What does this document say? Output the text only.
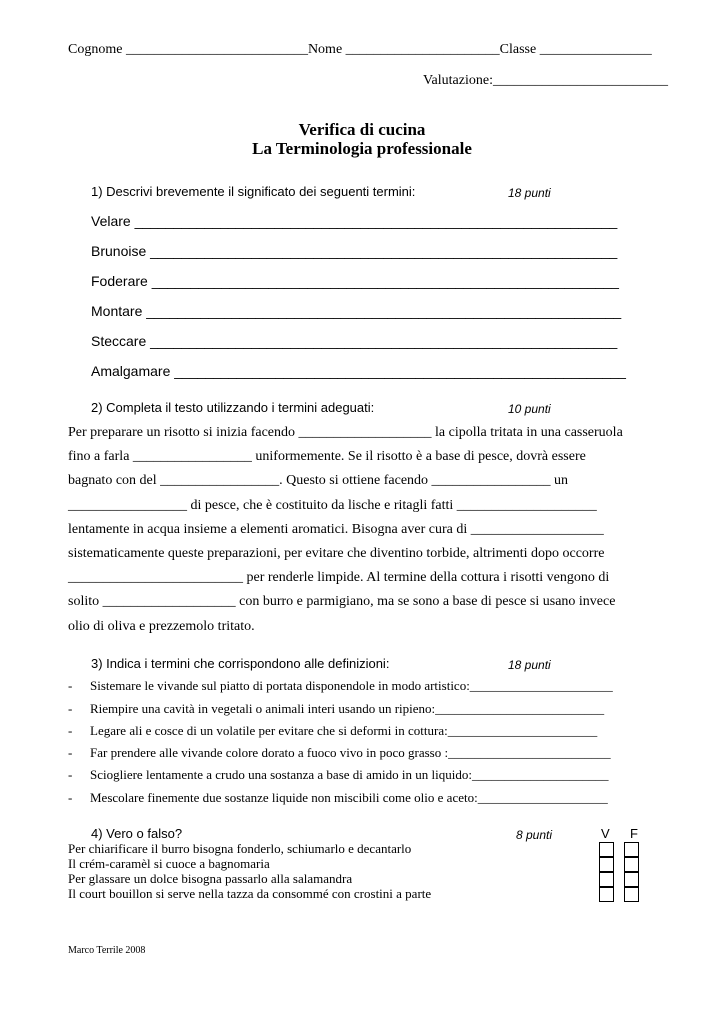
Cognome __________________________Nome ______________________Classe ________________
Valutazione:_________________________
Verifica di cucina
La Terminologia professionale
1) Descrivi brevemente il significato dei seguenti termini:	18 punti
Velare ______________________________________________________________
Brunoise ____________________________________________________________
Foderare ____________________________________________________________
Montare _____________________________________________________________
Steccare ____________________________________________________________
Amalgamare __________________________________________________________
2) Completa il testo utilizzando i termini adeguati:	10 punti
Per preparare un risotto si inizia facendo ___________________ la cipolla tritata in una casseruola
fino a farla _________________ uniformemente. Se il risotto è a base di pesce, dovrà essere
bagnato con del _________________. Questo si ottiene facendo _________________ un
_________________ di pesce, che è costituito da lische e ritagli fatti ____________________
lentamente in acqua insieme a elementi aromatici. Bisogna aver cura di ___________________
sistematicamente queste preparazioni, per evitare che diventino torbide, altrimenti dopo occorre
_________________________ per renderle limpide. Al termine della cottura i risotti vengono di
solito ___________________ con burro e parmigiano, ma se sono a base di pesce si usano invece
olio di oliva e prezzemolo tritato.
3) Indica i termini che corrispondono alle definizioni:	18 punti
- Sistemare le vivande sul piatto di portata disponendole in modo artistico:______________________
- Riempire una cavità in vegetali o animali interi usando un ripieno:__________________________
- Legare ali e cosce di un volatile per evitare che si deformi in cottura:_______________________
- Far prendere alle vivande colore dorato a fuoco vivo in poco grasso :_________________________
- Sciogliere lentamente a crudo una sostanza a base di amido in un liquido:_____________________
- Mescolare finemente due sostanze liquide non miscibili come olio e aceto:____________________
4) Vero o falso?	8 punti	V F
Per chiarificare il burro bisogna fonderlo, schiumarlo e decantarlo
Il crém-caramèl si cuoce a bagnomaria
Per glassare un dolce bisogna passarlo alla salamandra
Il court bouillon si serve nella tazza da consommé con crostini a parte
Marco Terrile 2008
